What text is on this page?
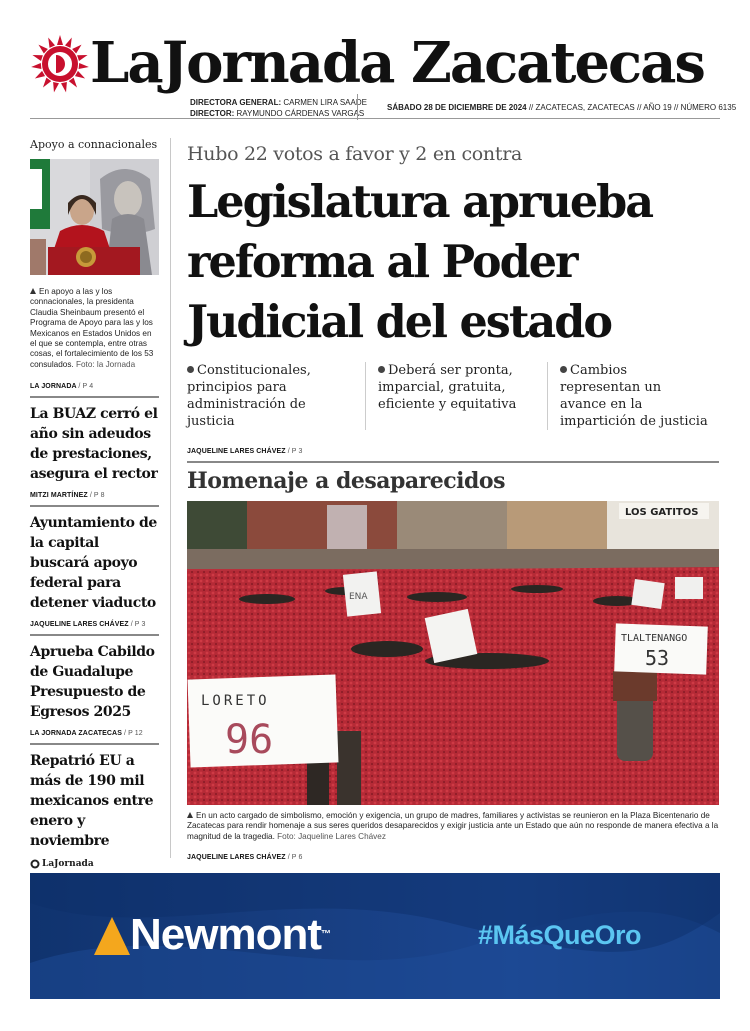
LaJornada Zacatecas
DIRECTORA GENERAL: CARMEN LIRA SAADE
DIRECTOR: RAYMUNDO CÁRDENAS VARGAS
SÁBADO 28 DE DICIEMBRE DE 2024 // ZACATECAS, ZACATECAS // AÑO 19 // NÚMERO 6135
Apoyo a connacionales

En apoyo a las y los connacionales, la presidenta Claudia Sheinbaum presentó el Programa de Apoyo para las y los Mexicanos en Estados Unidos en el que se contempla, entre otras cosas, el fortalecimiento de los 53 consulados. Foto: la Jornada

LA JORNADA / P 4
La BUAZ cerró el año sin adeudos de prestaciones, asegura el rector
MITZI MARTÍNEZ / P 8
Ayuntamiento de la capital buscará apoyo federal para detener viaducto
JAQUELINE LARES CHÁVEZ / P 3
Aprueba Cabildo de Guadalupe Presupuesto de Egresos 2025
LA JORNADA ZACATECAS / P 12
Repatrió EU a más de 190 mil mexicanos entre enero y noviembre
LaJornada
Hubo 22 votos a favor y 2 en contra
Legislatura aprueba reforma al Poder Judicial del estado
Constitucionales, principios para administración de justicia
Deberá ser pronta, imparcial, gratuita, eficiente y equitativa
Cambios representan un avance en la impartición de justicia
JAQUELINE LARES CHÁVEZ / P 3
Homenaje a desaparecidos
LOS GATITOS
ENA
TLALTENANGO
53
LORETO
96

En un acto cargado de simbolismo, emoción y exigencia, un grupo de madres, familiares y activistas se reunieron en la Plaza Bicentenario de Zacatecas para rendir homenaje a sus seres queridos desaparecidos y exigir justicia ante un Estado que aún no responde de manera efectiva a la magnitud de la tragedia. Foto: Jaqueline Lares Chávez

JAQUELINE LARES CHÁVEZ / P 6
Newmont™	#MásQueOro
